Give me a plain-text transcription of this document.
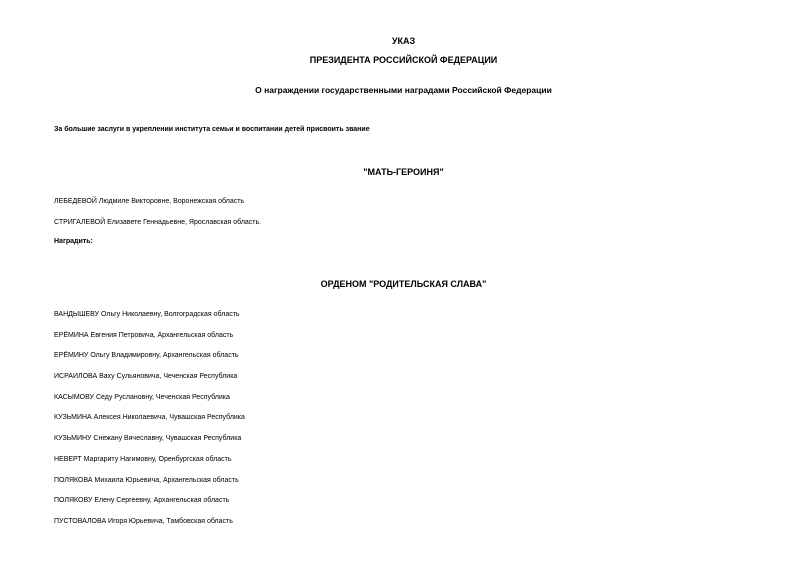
УКАЗ
ПРЕЗИДЕНТА РОССИЙСКОЙ ФЕДЕРАЦИИ
О награждении государственными наградами Российской Федерации
За большие заслуги в укреплении института семьи и воспитании детей присвоить звание
"МАТЬ-ГЕРОИНЯ"
ЛЕБЕДЕВОЙ Людмиле Викторовне, Воронежская область
СТРИГАЛЕВОЙ Елизавете Геннадьевне, Ярославская область.
Наградить:
ОРДЕНОМ "РОДИТЕЛЬСКАЯ СЛАВА"
ВАНДЫШЕВУ Ольгу Николаевну, Волгоградская область
ЕРЁМИНА Евгения Петровича, Архангельская область
ЕРЁМИНУ Ольгу Владимировну, Архангельская область
ИСРАИЛОВА Ваху Сульяновича, Чеченская Республика
КАСЫМОВУ Седу Руслановну, Чеченская Республика
КУЗЬМИНА Алексея Николаевича, Чувашская Республика
КУЗЬМИНУ Снежану Вячеславну, Чувашская Республика
НЕВЕРТ Маргариту Нагимовну, Оренбургская область
ПОЛЯКОВА Михаила Юрьевича, Архангельская область
ПОЛЯКОВУ Елену Сергеевну, Архангельская область
ПУСТОВАЛОВА Игоря Юрьевича, Тамбовская область
